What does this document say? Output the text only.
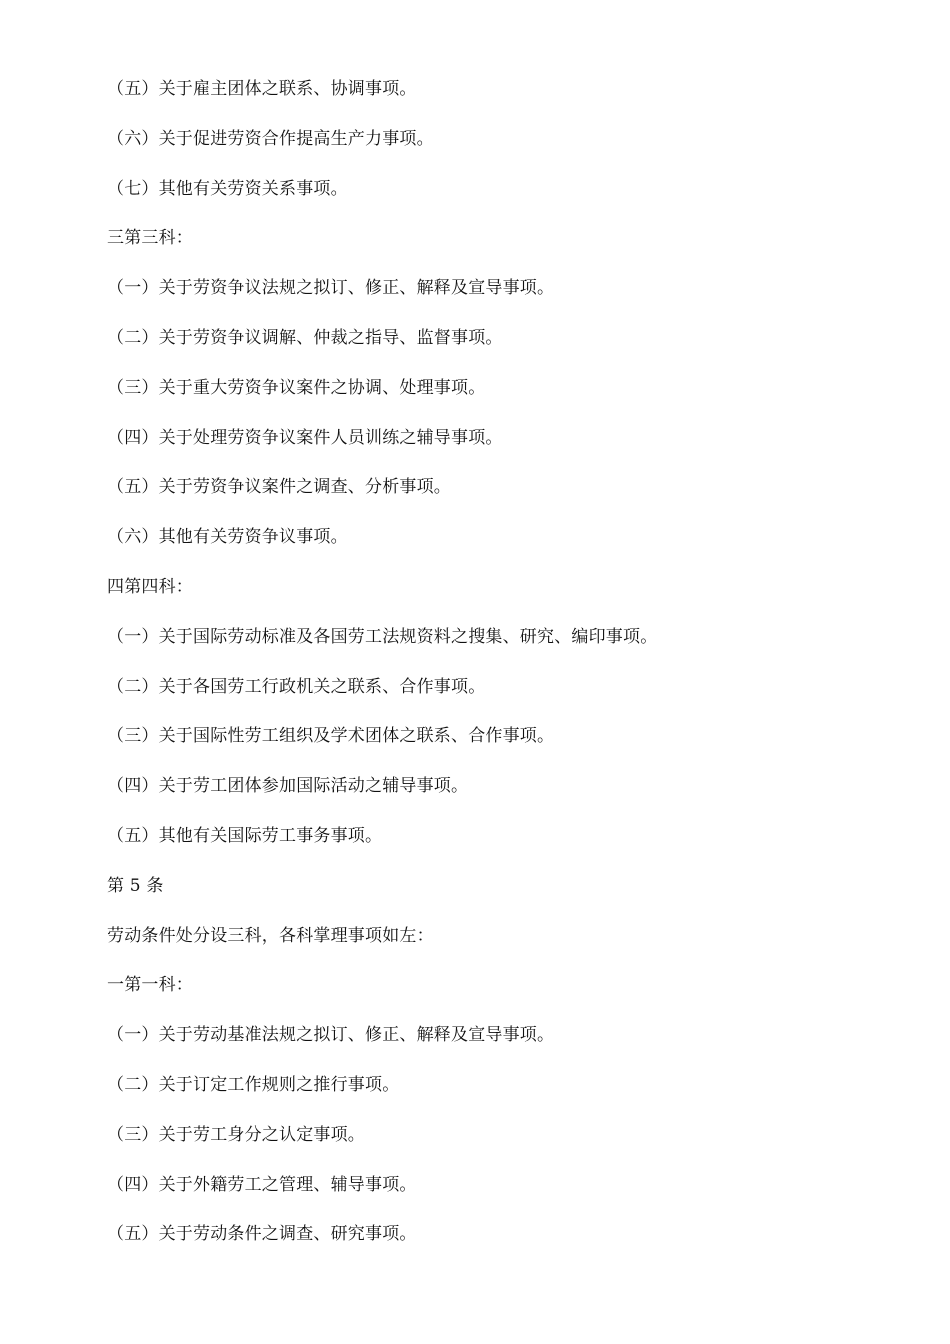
（五）关于雇主团体之联系、协调事项。
（六）关于促进劳资合作提高生产力事项。
（七）其他有关劳资关系事项。
三第三科：
（一）关于劳资争议法规之拟订、修正、解释及宣导事项。
（二）关于劳资争议调解、仲裁之指导、监督事项。
（三）关于重大劳资争议案件之协调、处理事项。
（四）关于处理劳资争议案件人员训练之辅导事项。
（五）关于劳资争议案件之调查、分析事项。
（六）其他有关劳资争议事项。
四第四科：
（一）关于国际劳动标准及各国劳工法规资料之搜集、研究、编印事项。
（二）关于各国劳工行政机关之联系、合作事项。
（三）关于国际性劳工组织及学术团体之联系、合作事项。
（四）关于劳工团体参加国际活动之辅导事项。
（五）其他有关国际劳工事务事项。
第 5 条
劳动条件处分设三科，各科掌理事项如左：
一第一科：
（一）关于劳动基准法规之拟订、修正、解释及宣导事项。
（二）关于订定工作规则之推行事项。
（三）关于劳工身分之认定事项。
（四）关于外籍劳工之管理、辅导事项。
（五）关于劳动条件之调查、研究事项。
